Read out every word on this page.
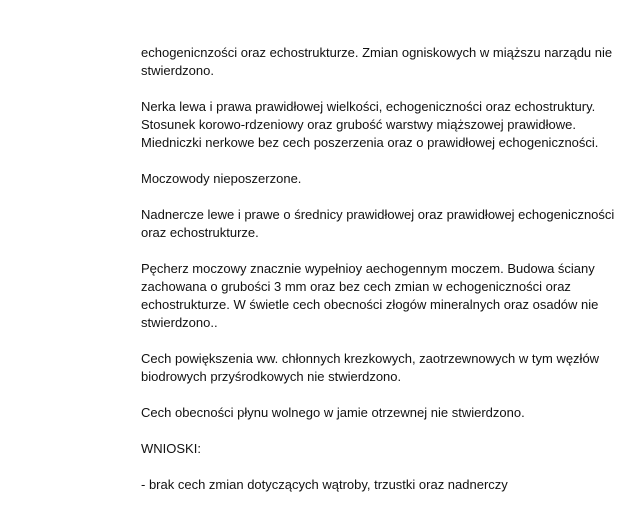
echogenicnzości oraz echostrukturze. Zmian ogniskowych w miąższu narządu nie
stwierdzono.

Nerka lewa i prawa prawidłowej wielkości, echogeniczności oraz echostruktury.
Stosunek korowo-rdzeniowy oraz grubość warstwy miąższowej prawidłowe.
Miedniczki nerkowe bez cech poszerzenia oraz o prawidłowej echogeniczności.

Moczowody nieposzerzone.

Nadnercze lewe i prawe o średnicy prawidłowej oraz prawidłowej echogeniczności
oraz echostrukturze.

Pęcherz moczowy znacznie wypełnioy aechogennym moczem. Budowa ściany
zachowana o grubości 3 mm oraz bez cech zmian w echogeniczności oraz
echostrukturze. W świetle cech obecności złogów mineralnych oraz osadów nie
stwierdzono..

Cech powiększenia ww. chłonnych krezkowych, zaotrzewnowych w tym węzłów
biodrowych przyśrodkowych nie stwierdzono.

Cech obecności płynu wolnego w jamie otrzewnej nie stwierdzono.

WNIOSKI:

- brak cech zmian dotyczących wątroby, trzustki oraz nadnerczy
